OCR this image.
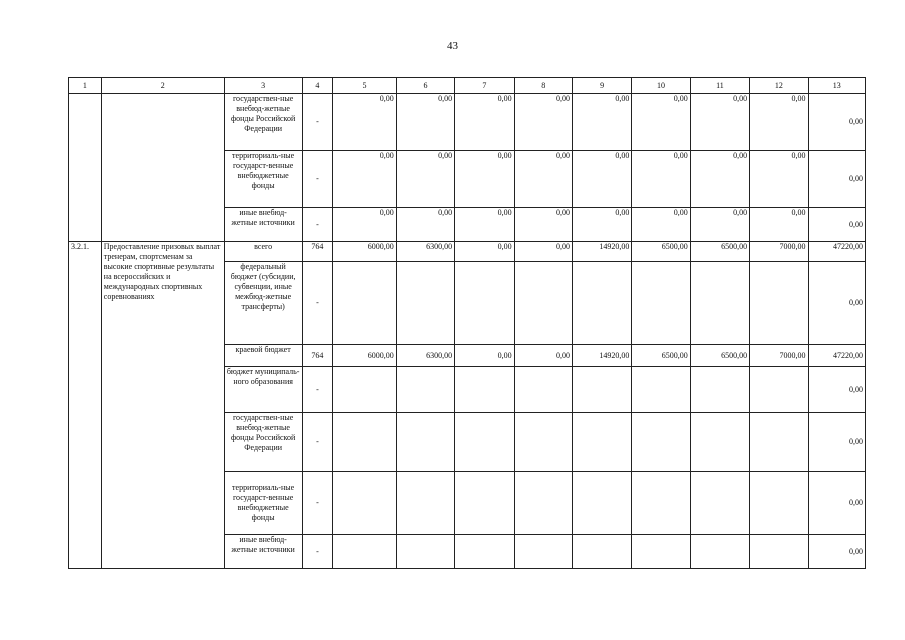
43
1	2	3	4	5	6	7	8	9	10	11	12	13
		государствен-ные внебюд-жетные фонды Российской Федерации	-	0,00	0,00	0,00	0,00	0,00	0,00	0,00	0,00	0,00
		территориаль-ные государст-венные внебюджетные фонды	-	0,00	0,00	0,00	0,00	0,00	0,00	0,00	0,00	0,00
		иные внебюд-жетные источники	-	0,00	0,00	0,00	0,00	0,00	0,00	0,00	0,00	0,00
3.2.1.	Предоставление призовых выплат тренерам, спортсменам за высокие спортивные результаты на всероссийских и международных спортивных соревнованиях	всего	764	6000,00	6300,00	0,00	0,00	14920,00	6500,00	6500,00	7000,00	47220,00
		федеральный бюджет (субсидии, субвенции, иные межбюд-жетные трансферты)	-									0,00
		краевой бюджет	764	6000,00	6300,00	0,00	0,00	14920,00	6500,00	6500,00	7000,00	47220,00
		бюджет муниципаль-ного образования	-									0,00
		государствен-ные внебюд-жетные фонды Российской Федерации	-									0,00
		территориаль-ные государст-венные внебюджетные фонды	-									0,00
		иные внебюд-жетные источники	-									0,00
